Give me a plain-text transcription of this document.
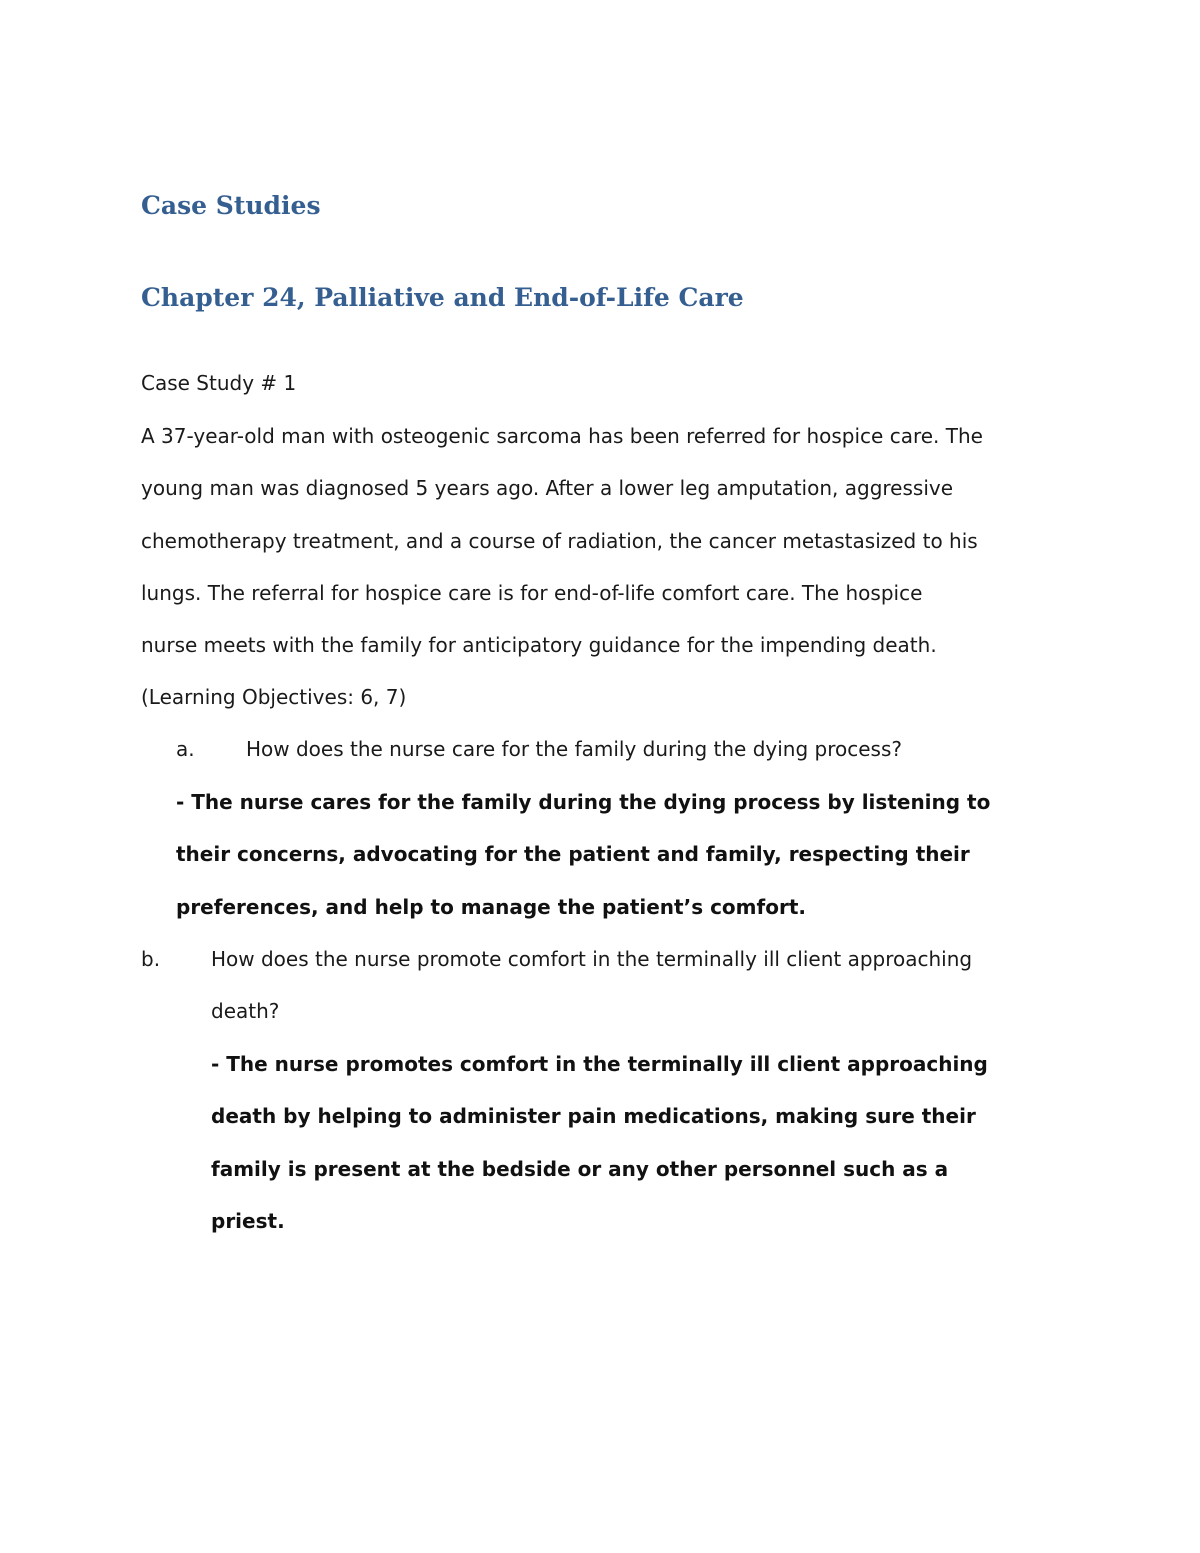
Case Studies
Chapter 24, Palliative and End-of-Life Care

Case Study # 1

A 37-year-old man with osteogenic sarcoma has been referred for hospice care. The
young man was diagnosed 5 years ago. After a lower leg amputation, aggressive
chemotherapy treatment, and a course of radiation, the cancer metastasized to his
lungs. The referral for hospice care is for end-of-life comfort care. The hospice
nurse meets with the family for anticipatory guidance for the impending death.
(Learning Objectives: 6, 7)

a.	How does the nurse care for the family during the dying process?

- The nurse cares for the family during the dying process by listening to
their concerns, advocating for the patient and family, respecting their
preferences, and help to manage the patient’s comfort.

b.	How does the nurse promote comfort in the terminally ill client approaching
death?

- The nurse promotes comfort in the terminally ill client approaching
death by helping to administer pain medications, making sure their
family is present at the bedside or any other personnel such as a
priest.
